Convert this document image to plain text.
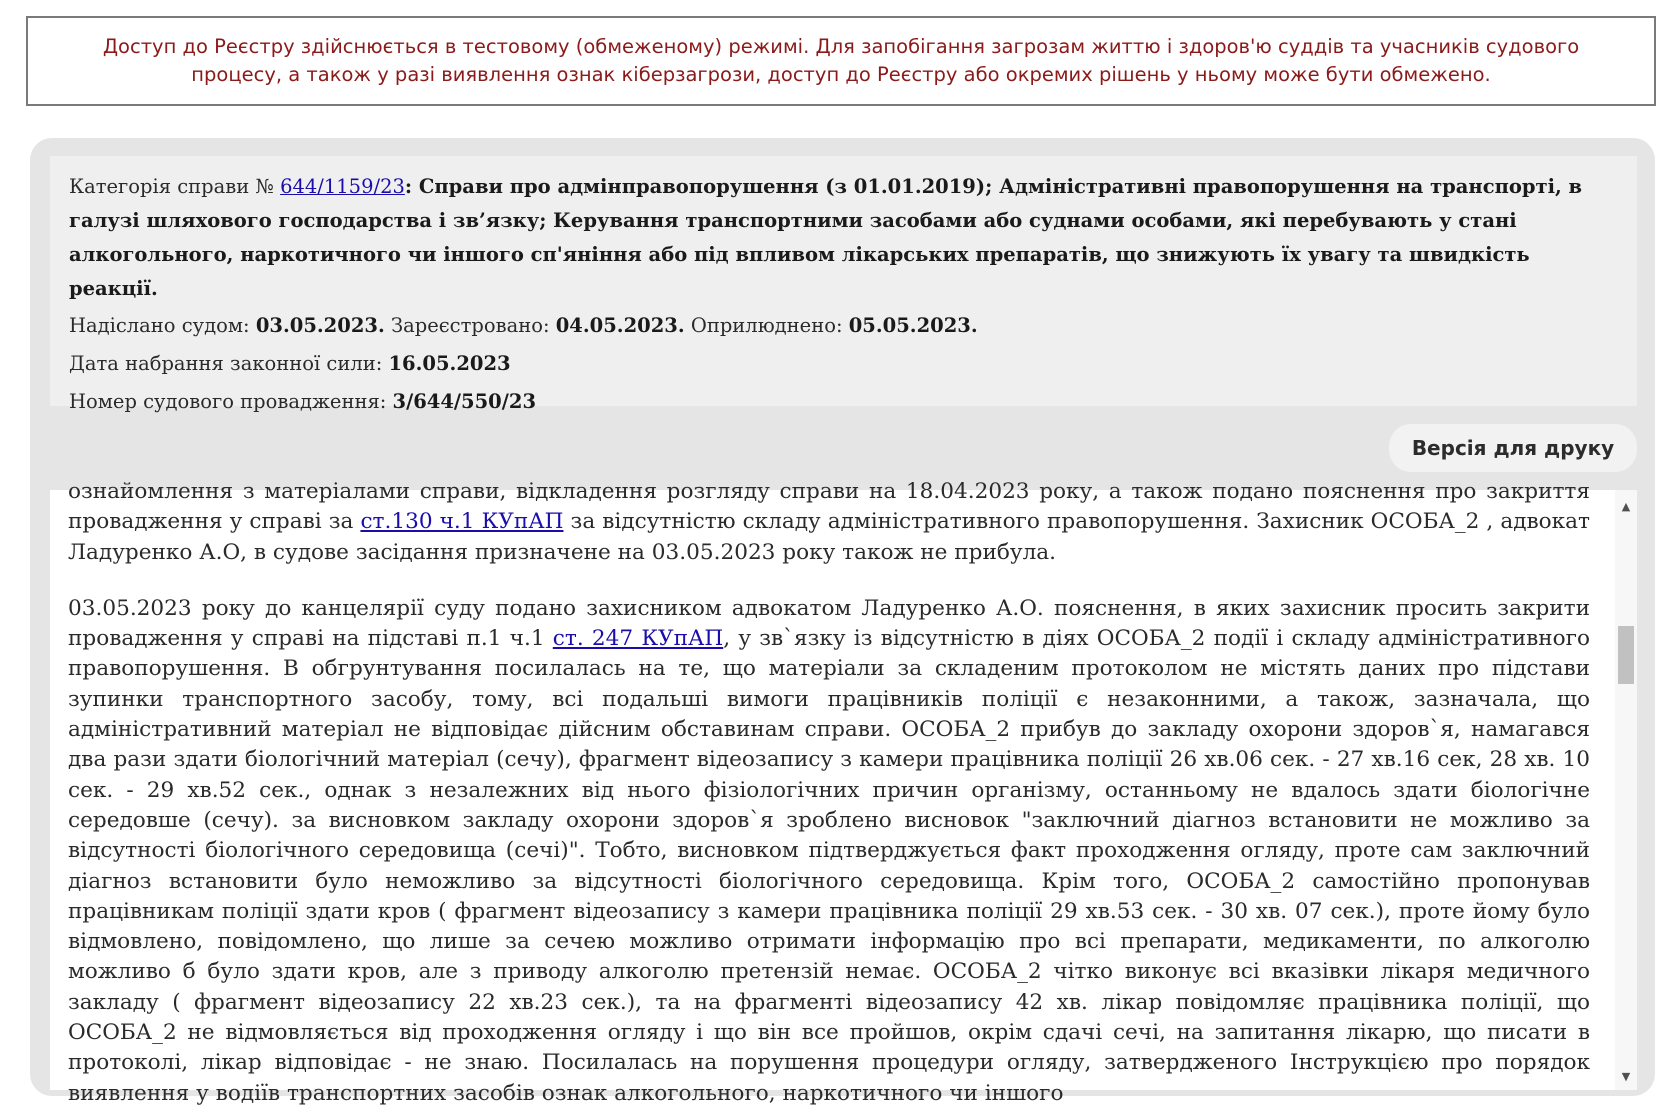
Доступ до Реєстру здійснюється в тестовому (обмеженому) режимі. Для запобігання загрозам життю і здоров'ю суддів та учасників судового процесу, а також у разі виявлення ознак кіберзагрози, доступ до Реєстру або окремих рішень у ньому може бути обмежено.
Категорія справи № 644/1159/23: Справи про адмінправопорушення (з 01.01.2019); Адміністративні правопорушення на транспорті, в галузі шляхового господарства і зв’язку; Керування транспортними засобами або суднами особами, які перебувають у стані алкогольного, наркотичного чи іншого сп'яніння або під впливом лікарських препаратів, що знижують їх увагу та швидкість реакції.
Надіслано судом: 03.05.2023. Зареєстровано: 04.05.2023. Оприлюднено: 05.05.2023.
Дата набрання законної сили: 16.05.2023
Номер судового провадження: 3/644/550/23
Версія для друку

ознайомлення з матеріалами справи, відкладення розгляду справи на 18.04.2023 року, а також подано пояснення про закриття провадження у справі за ст.130 ч.1 КУпАП за відсутністю складу адміністративного правопорушення. Захисник ОСОБА_2 , адвокат Ладуренко А.О, в судове засідання призначене на 03.05.2023 року також не прибула.

03.05.2023 року до канцелярії суду подано захисником адвокатом Ладуренко А.О. пояснення, в яких захисник просить закрити провадження у справі на підставі п.1 ч.1 ст. 247 КУпАП, у зв`язку із відсутністю в діях ОСОБА_2 події і складу адміністративного правопорушення. В обгрунтування посилалась на те, що матеріали за складеним протоколом не містять даних про підстави зупинки транспортного засобу, тому, всі подальші вимоги працівників поліції є незаконними, а також, зазначала, що адміністративний матеріал не відповідає дійсним обставинам справи. ОСОБА_2 прибув до закладу охорони здоров`я, намагався два рази здати біологічний матеріал (сечу), фрагмент відеозапису з камери працівника поліції 26 хв.06 сек. - 27 хв.16 сек, 28 хв. 10 сек. - 29 хв.52 сек., однак з незалежних від нього фізіологічних причин організму, останньому не вдалось здати біологічне середовше (сечу). за висновком закладу охорони здоров`я зроблено висновок "заключний діагноз встановити не можливо за відсутності біологічного середовища (сечі)". Тобто, висновком підтверджується факт проходження огляду, проте сам заключний діагноз встановити було неможливо за відсутності біологічного середовища. Крім того, ОСОБА_2 самостійно пропонував працівникам поліції здати кров ( фрагмент відеозапису з камери працівника поліції 29 хв.53 сек. - 30 хв. 07 сек.), проте йому було відмовлено, повідомлено, що лише за сечею можливо отримати інформацію про всі препарати, медикаменти, по алкоголю можливо б було здати кров, але з приводу алкоголю претензій немає. ОСОБА_2 чітко виконує всі вказівки лікаря медичного закладу ( фрагмент відеозапису 22 хв.23 сек.), та на фрагменті відеозапису 42 хв. лікар повідомляє працівника поліції, що ОСОБА_2 не відмовляється від проходження огляду і що він все пройшов, окрім сдачі сечі, на запитання лікарю, що писати в протоколі, лікар відповідає - не знаю. Посилалась на порушення процедури огляду, затвердженого Інструкцією про порядок виявлення у водіїв транспортних засобів ознак алкогольного, наркотичного чи іншого

▲
▼
